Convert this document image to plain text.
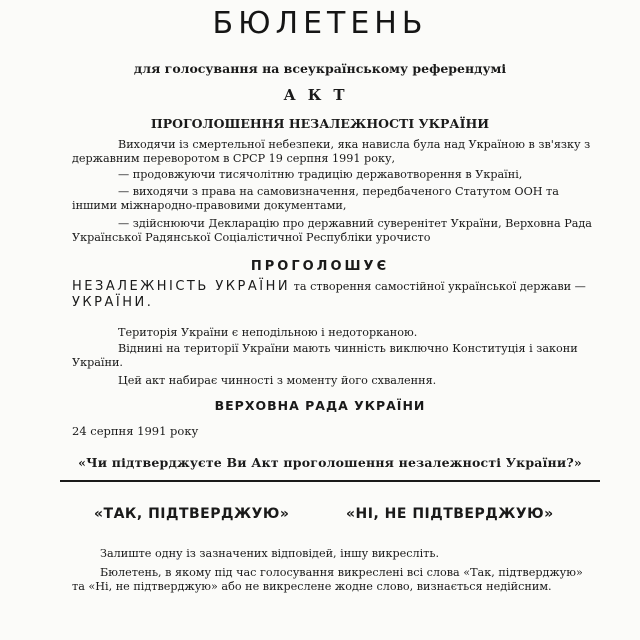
БЮЛЕТЕНЬ
для голосування на всеукраїнському референдумі
АКТ
ПРОГОЛОШЕННЯ НЕЗАЛЕЖНОСТІ УКРАЇНИ
Виходячи із смертельної небезпеки, яка нависла була над Україною в зв'язку з державним переворотом в СРСР 19 серпня 1991 року,
— продовжуючи тисячолітню традицію державотворення в Україні,
— виходячи з права на самовизначення, передбаченого Статутом ООН та іншими міжнародно-правовими документами,
— здійснюючи Декларацію про державний суверенітет України, Верховна Рада Української Радянської Соціалістичної Республіки урочисто
ПРОГОЛОШУЄ
НЕЗАЛЕЖНІСТЬ УКРАЇНИ та створення самостійної української держави — УКРАЇНИ.
Територія України є неподільною і недоторканою.
Віднині на території України мають чинність виключно Конституція і закони України.
Цей акт набирає чинності з моменту його схвалення.
ВЕРХОВНА РАДА УКРАЇНИ
24 серпня 1991 року
«Чи підтверджуєте Ви Акт проголошення незалежності України?»
«ТАК, ПІДТВЕРДЖУЮ»	«НІ, НЕ ПІДТВЕРДЖУЮ»
Залиште одну із зазначених відповідей, іншу викресліть.
Бюлетень, в якому під час голосування викреслені всі слова «Так, підтверджую» та «Ні, не підтверджую» або не викреслене жодне слово, визнається недійсним.
